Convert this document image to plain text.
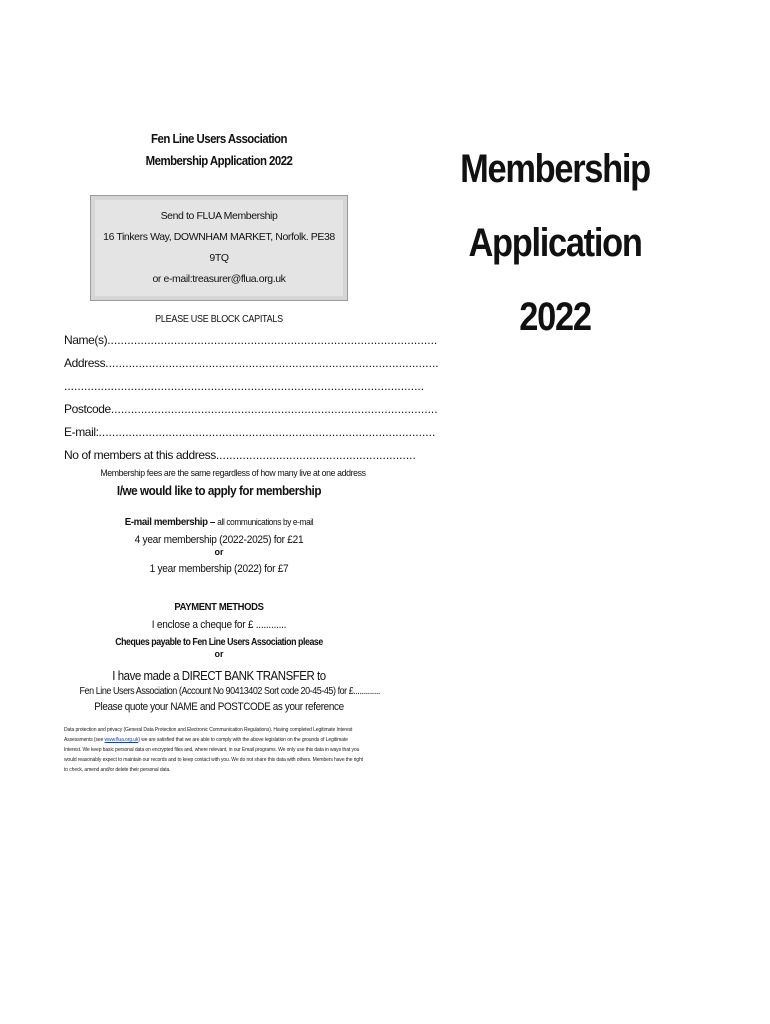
Fen Line Users Association
Membership Application 2022
Send to FLUA Membership
16 Tinkers Way, DOWNHAM MARKET, Norfolk. PE38 9TQ
or e-mail:treasurer@flua.org.uk
PLEASE USE BLOCK CAPITALS
Name(s)...................................................................................................
Address....................................................................................................
............................................................................................................
Postcode..................................................................................................
E-mail:.....................................................................................................
No of members at this address............................................................
Membership fees are the same regardless of how many live at one address
I/we would like to apply for membership
E-mail membership – all communications by e-mail
4 year membership (2022-2025) for £21
or
1 year membership (2022) for £7
PAYMENT METHODS
I enclose a cheque for £ ............
Cheques payable to Fen Line Users Association please
or
I have made a DIRECT BANK TRANSFER to
Fen Line Users Association (Account No 90413402 Sort code 20-45-45) for £.............
Please quote your NAME and POSTCODE as your reference
Data protection and privacy (General Data Protection and Electronic Communication Regulations). Having completed Legitimate Interest Assessments (see www.flua.org.uk) we are satisfied that we are able to comply with the above legislation on the grounds of Legitimate Interest. We keep basic personal data on encrypted files and, where relevant, in our Email programs. We only use this data in ways that you would reasonably expect to maintain our records and to keep contact with you. We do not share this data with others. Members have the right to check, amend and/or delete their personal data.
Membership
Application
2022
